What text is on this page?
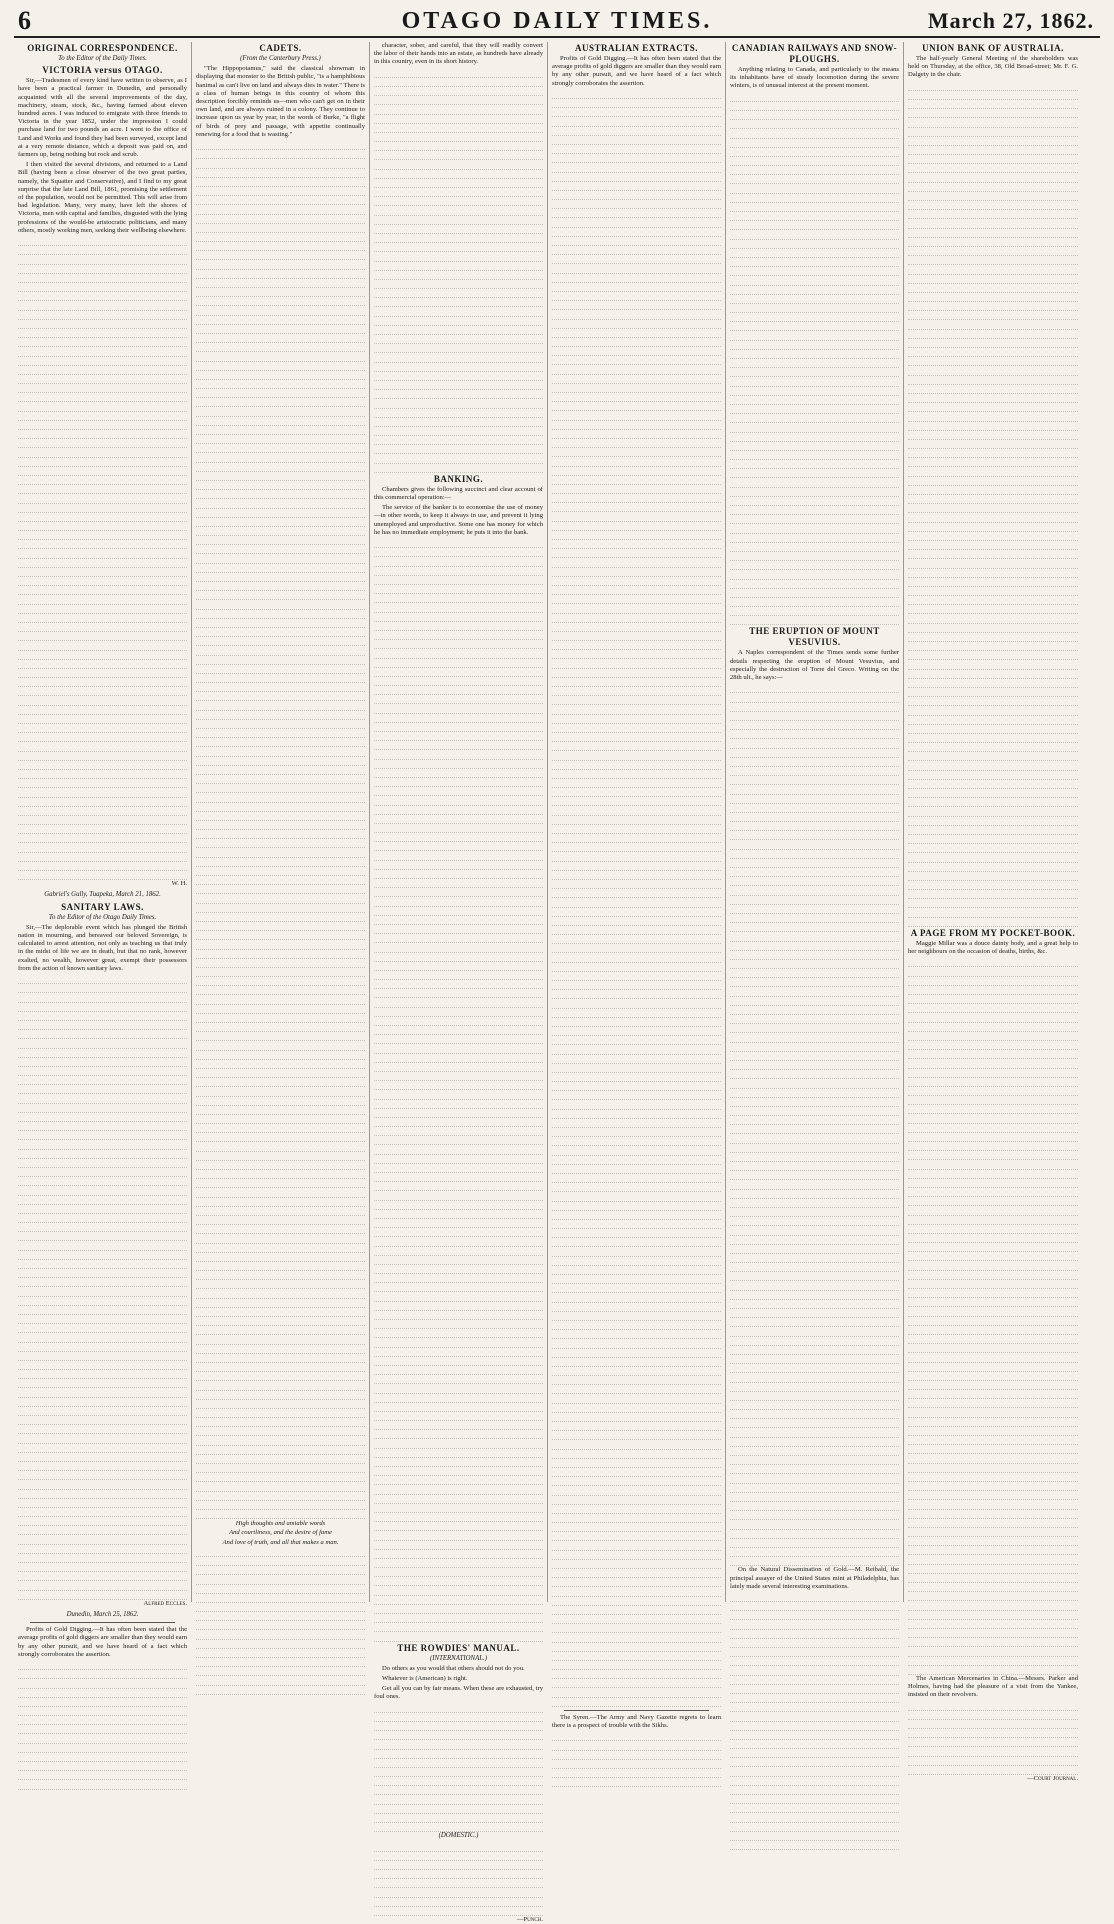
6	OTAGO DAILY TIMES.	March 27, 1862.
ORIGINAL CORRESPONDENCE.
To the Editor of the Daily Times.
VICTORIA versus OTAGO.
Sir,—Tradesmen of every kind have written to observe, as I have been a practical farmer in Dunedin, and personally acquainted with all the several improvements of the day, machinery, steam, stock, &c., having farmed about eleven hundred acres. I was induced to emigrate with three friends to Victoria in the year 1852, under the impression I could purchase land for two pounds an acre. I went to the office of Land and Works and found they had been surveyed, except land at a very remote distance, which a deposit was paid on, and farmers up, being nothing but rock and scrub.
I then visited the several divisions, and returned to a Land Bill (having been a close observer of the two great parties, namely, the Squatter and Conservative), and I find to my great surprise that the late Land Bill, 1861, promising the settlement of the population, would not be permitted. This will arise from bad legislation. Many, very many, have left the shores of Victoria, men with capital and families, disgusted with the lying professions of the would-be aristocratic politicians, and many others, mostly working men, seeking their wellbeing elsewhere.
W. H.
Gabriel's Gully, Tuapeka, March 21, 1862.
SANITARY LAWS.
To the Editor of the Otago Daily Times.
Sir,—The deplorable event which has plunged the British nation in mourning, and bereaved our beloved Sovereign, is calculated to arrest attention, not only as teaching us that truly in the midst of life we are in death, but that no rank, however exalted, no wealth, however great, exempt their possessors from the action of known sanitary laws.
Alfred Eccles.
Dunedin, March 25, 1862.
Profits of Gold Digging.—It has often been stated that the average profits of gold diggers are smaller than they would earn by any other pursuit, and we have heard of a fact which strongly corroborates the assertion.
CADETS.
(From the Canterbury Press.)
"The Hippopotamus," said the classical showman in displaying that monster to the British public, "is a hamphibious hanimal as can't live on land and always dies in water." There is a class of human beings in this country of whom this description forcibly reminds us—men who can't get on in their own land, and are always ruined in a colony. They continue to increase upon us year by year, in the words of Burke, "a flight of birds of prey and passage, with appetite continually renewing for a food that is wasting."
High thoughts and amiable words
And courtliness, and the desire of fame
And love of truth, and all that makes a man.
character, sober, and careful, that they will readily convert the labor of their hands into an estate, as hundreds have already in this country, even in its short history.
BANKING.
Chambers gives the following succinct and clear account of this commercial operation:—
The service of the banker is to economise the use of money—in other words, to keep it always in use, and prevent it lying unemployed and unproductive. Some one has money for which he has no immediate employment; he puts it into the bank.
THE ROWDIES' MANUAL.
(INTERNATIONAL.)
Do others as you would that others should not do you.
Whatever is (American) is right.
Get all you can by fair means. When these are exhausted, try foul ones.
(DOMESTIC.)
—Punch.
AUSTRALIAN EXTRACTS.
Profits of Gold Digging.—It has often been stated that the average profits of gold diggers are smaller than they would earn by any other pursuit, and we have heard of a fact which strongly corroborates the assertion.
The Syren.—The Army and Navy Gazette regrets to learn there is a prospect of trouble with the Sikhs.
CANADIAN RAILWAYS AND SNOW-PLOUGHS.
Anything relating to Canada, and particularly to the means its inhabitants have of steady locomotion during the severe winters, is of unusual interest at the present moment.
THE ERUPTION OF MOUNT VESUVIUS.
A Naples correspondent of the Times sends some further details respecting the eruption of Mount Vesuvius, and especially the destruction of Torre del Greco. Writing on the 28th ult., he says:—
On the Natural Dissemination of Gold.—M. Reibald, the principal assayer of the United States mint at Philadelphia, has lately made several interesting examinations.
UNION BANK OF AUSTRALIA.
The half-yearly General Meeting of the shareholders was held on Thursday, at the office, 38, Old Broad-street; Mr. F. G. Dalgety in the chair.
A PAGE FROM MY POCKET-BOOK.
Maggie Millar was a douce dainty body, and a great help to her neighbours on the occasion of deaths, births, &c.
The American Mercenaries in China.—Messrs. Parker and Holmes, having had the pleasure of a visit from the Yankee, insisted on their revolvers.
—Court Journal.
